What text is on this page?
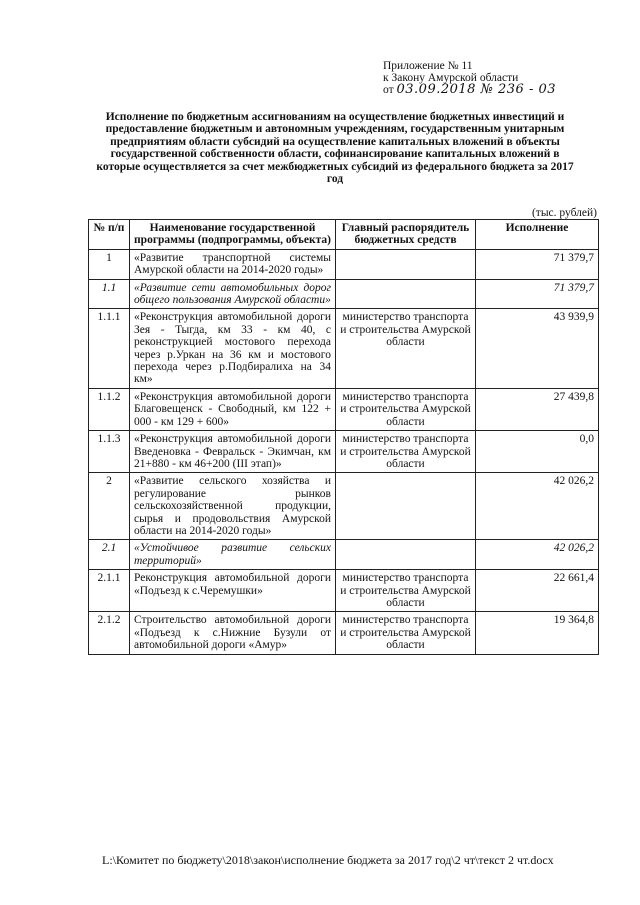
Приложение № 11
к Закону Амурской области
от 03.09.2018 № 236 - 03
Исполнение по бюджетным ассигнованиям на осуществление бюджетных инвестиций и предоставление бюджетным и автономным учреждениям, государственным унитарным предприятиям области субсидий на осуществление капитальных вложений в объекты государственной собственности области, софинансирование капитальных вложений в которые осуществляется за счет межбюджетных субсидий из федерального бюджета за 2017 год
(тыс. рублей)
№ п/п	Наименование государственной программы (подпрограммы, объекта)	Главный распорядитель бюджетных средств	Исполнение
1	«Развитие транспортной системы Амурской области на 2014-2020 годы»		71 379,7
1.1	«Развитие сети автомобильных дорог общего пользования Амурской области»		71 379,7
1.1.1	«Реконструкция автомобильной дороги Зея - Тыгда, км 33 - км 40, с реконструкцией мостового перехода через р.Уркан на 36 км и мостового перехода через р.Подбиралиха на 34 км»	министерство транспорта и строительства Амурской области	43 939,9
1.1.2	«Реконструкция автомобильной дороги Благовещенск - Свободный, км 122 + 000 - км 129 + 600»	министерство транспорта и строительства Амурской области	27 439,8
1.1.3	«Реконструкция автомобильной дороги Введеновка - Февральск - Экимчан, км 21+880 - км 46+200 (III этап)»	министерство транспорта и строительства Амурской области	0,0
2	«Развитие сельского хозяйства и регулирование рынков сельскохозяйственной продукции, сырья и продовольствия Амурской области на 2014-2020 годы»		42 026,2
2.1	«Устойчивое развитие сельских территорий»		42 026,2
2.1.1	Реконструкция автомобильной дороги «Подъезд к с.Черемушки»	министерство транспорта и строительства Амурской области	22 661,4
2.1.2	Строительство автомобильной дороги «Подъезд к с.Нижние Бузули от автомобильной дороги «Амур»	министерство транспорта и строительства Амурской области	19 364,8
L:\Комитет по бюджету\2018\закон\исполнение бюджета за 2017 год\2 чт\текст 2 чт.docx
